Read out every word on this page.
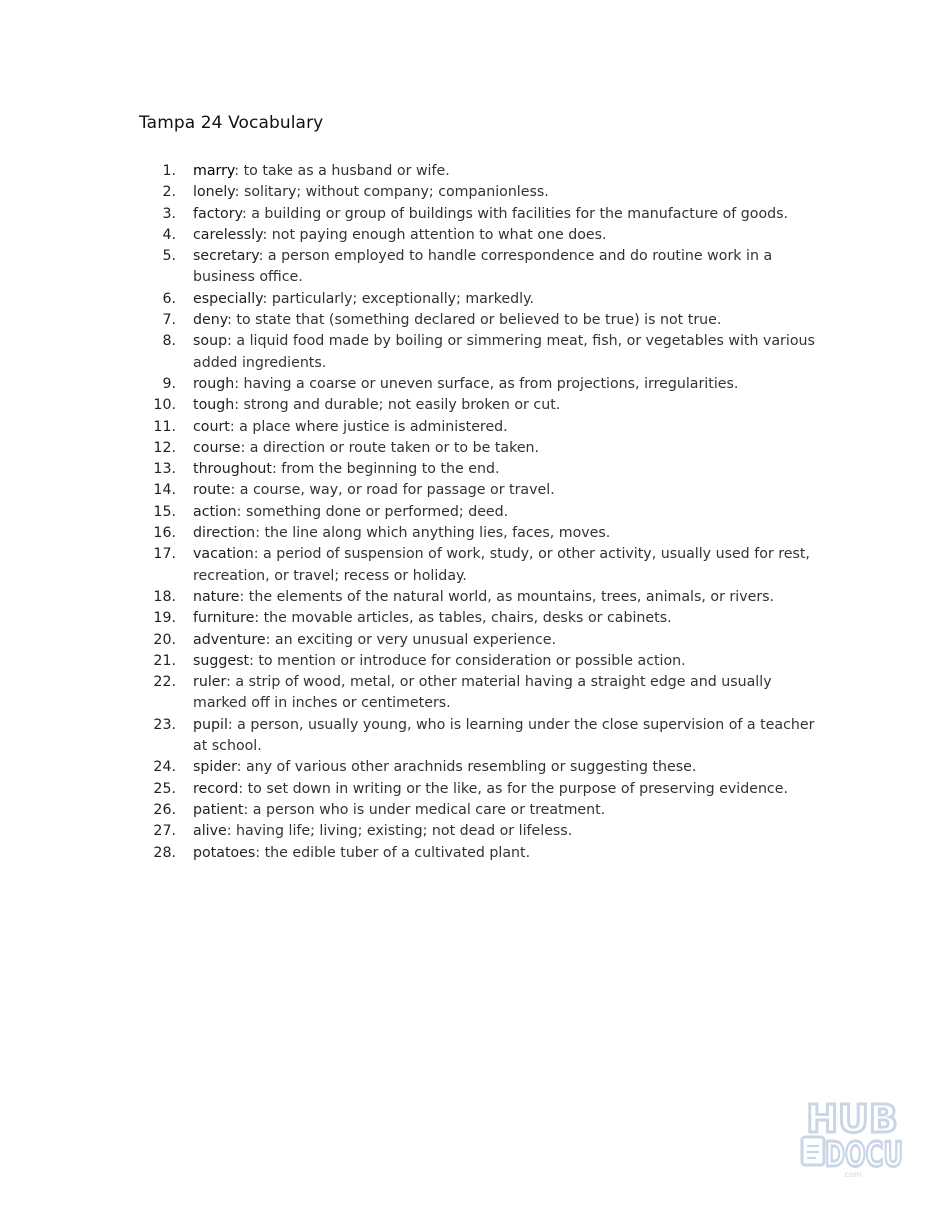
Tampa 24 Vocabulary
1. marry: to take as a husband or wife.
2. lonely: solitary; without company; companionless.
3. factory: a building or group of buildings with facilities for the manufacture of goods.
4. carelessly: not paying enough attention to what one does.
5. secretary: a person employed to handle correspondence and do routine work in a business office.
6. especially: particularly; exceptionally; markedly.
7. deny: to state that (something declared or believed to be true) is not true.
8. soup: a liquid food made by boiling or simmering meat, fish, or vegetables with various added ingredients.
9. rough: having a coarse or uneven surface, as from projections, irregularities.
10. tough: strong and durable; not easily broken or cut.
11. court: a place where justice is administered.
12. course: a direction or route taken or to be taken.
13. throughout: from the beginning to the end.
14. route: a course, way, or road for passage or travel.
15. action: something done or performed; deed.
16. direction: the line along which anything lies, faces, moves.
17. vacation: a period of suspension of work, study, or other activity, usually used for rest, recreation, or travel; recess or holiday.
18. nature: the elements of the natural world, as mountains, trees, animals, or rivers.
19. furniture: the movable articles, as tables, chairs, desks or cabinets.
20. adventure: an exciting or very unusual experience.
21. suggest: to mention or introduce for consideration or possible action.
22. ruler: a strip of wood, metal, or other material having a straight edge and usually marked off in inches or centimeters.
23. pupil: a person, usually young, who is learning under the close supervision of a teacher at school.
24. spider: any of various other arachnids resembling or suggesting these.
25. record: to set down in writing or the like, as for the purpose of preserving evidence.
26. patient: a person who is under medical care or treatment.
27. alive: having life; living; existing; not dead or lifeless.
28. potatoes: the edible tuber of a cultivated plant.
HUB
DOCU
.com
